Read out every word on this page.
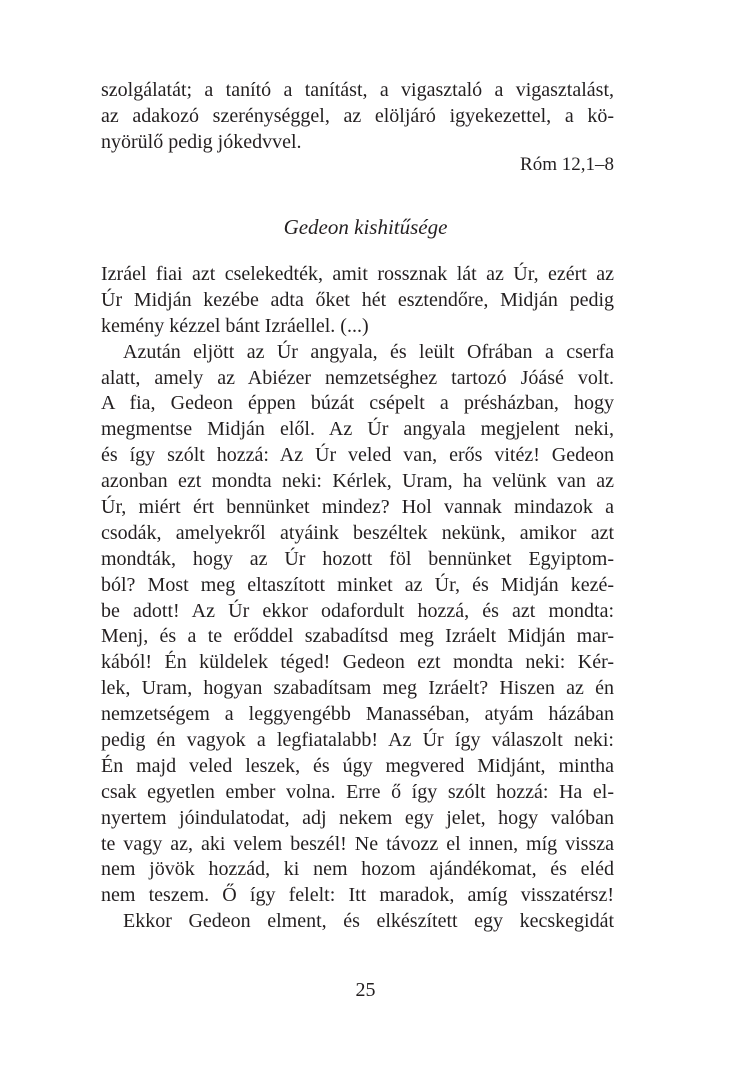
szolgálatát; a tanító a tanítást, a vigasztaló a vigasztalást,
az adakozó szerénységgel, az elöljáró igyekezettel, a kö-
nyörülő pedig jókedvvel.
Róm 12,1–8
Gedeon kishitűsége
Izráel fiai azt cselekedték, amit rossznak lát az Úr, ezért az
Úr Midján kezébe adta őket hét esztendőre, Midján pedig
kemény kézzel bánt Izráellel. (...)
Azután eljött az Úr angyala, és leült Ofrában a cserfa
alatt, amely az Abiézer nemzetséghez tartozó Jóásé volt.
A fia, Gedeon éppen búzát csépelt a présházban, hogy
megmentse Midján elől. Az Úr angyala megjelent neki,
és így szólt hozzá: Az Úr veled van, erős vitéz! Gedeon
azonban ezt mondta neki: Kérlek, Uram, ha velünk van az
Úr, miért ért bennünket mindez? Hol vannak mindazok a
csodák, amelyekről atyáink beszéltek nekünk, amikor azt
mondták, hogy az Úr hozott föl bennünket Egyiptom-
ból? Most meg eltaszított minket az Úr, és Midján kezé-
be adott! Az Úr ekkor odafordult hozzá, és azt mondta:
Menj, és a te erőddel szabadítsd meg Izráelt Midján mar-
kából! Én küldelek téged! Gedeon ezt mondta neki: Kér-
lek, Uram, hogyan szabadítsam meg Izráelt? Hiszen az én
nemzetségem a leggyengébb Manasséban, atyám házában
pedig én vagyok a legfiatalabb! Az Úr így válaszolt neki:
Én majd veled leszek, és úgy megvered Midjánt, mintha
csak egyetlen ember volna. Erre ő így szólt hozzá: Ha el-
nyertem jóindulatodat, adj nekem egy jelet, hogy valóban
te vagy az, aki velem beszél! Ne távozz el innen, míg vissza
nem jövök hozzád, ki nem hozom ajándékomat, és eléd
nem teszem. Ő így felelt: Itt maradok, amíg visszatérsz!
Ekkor Gedeon elment, és elkészített egy kecskegidát
25
